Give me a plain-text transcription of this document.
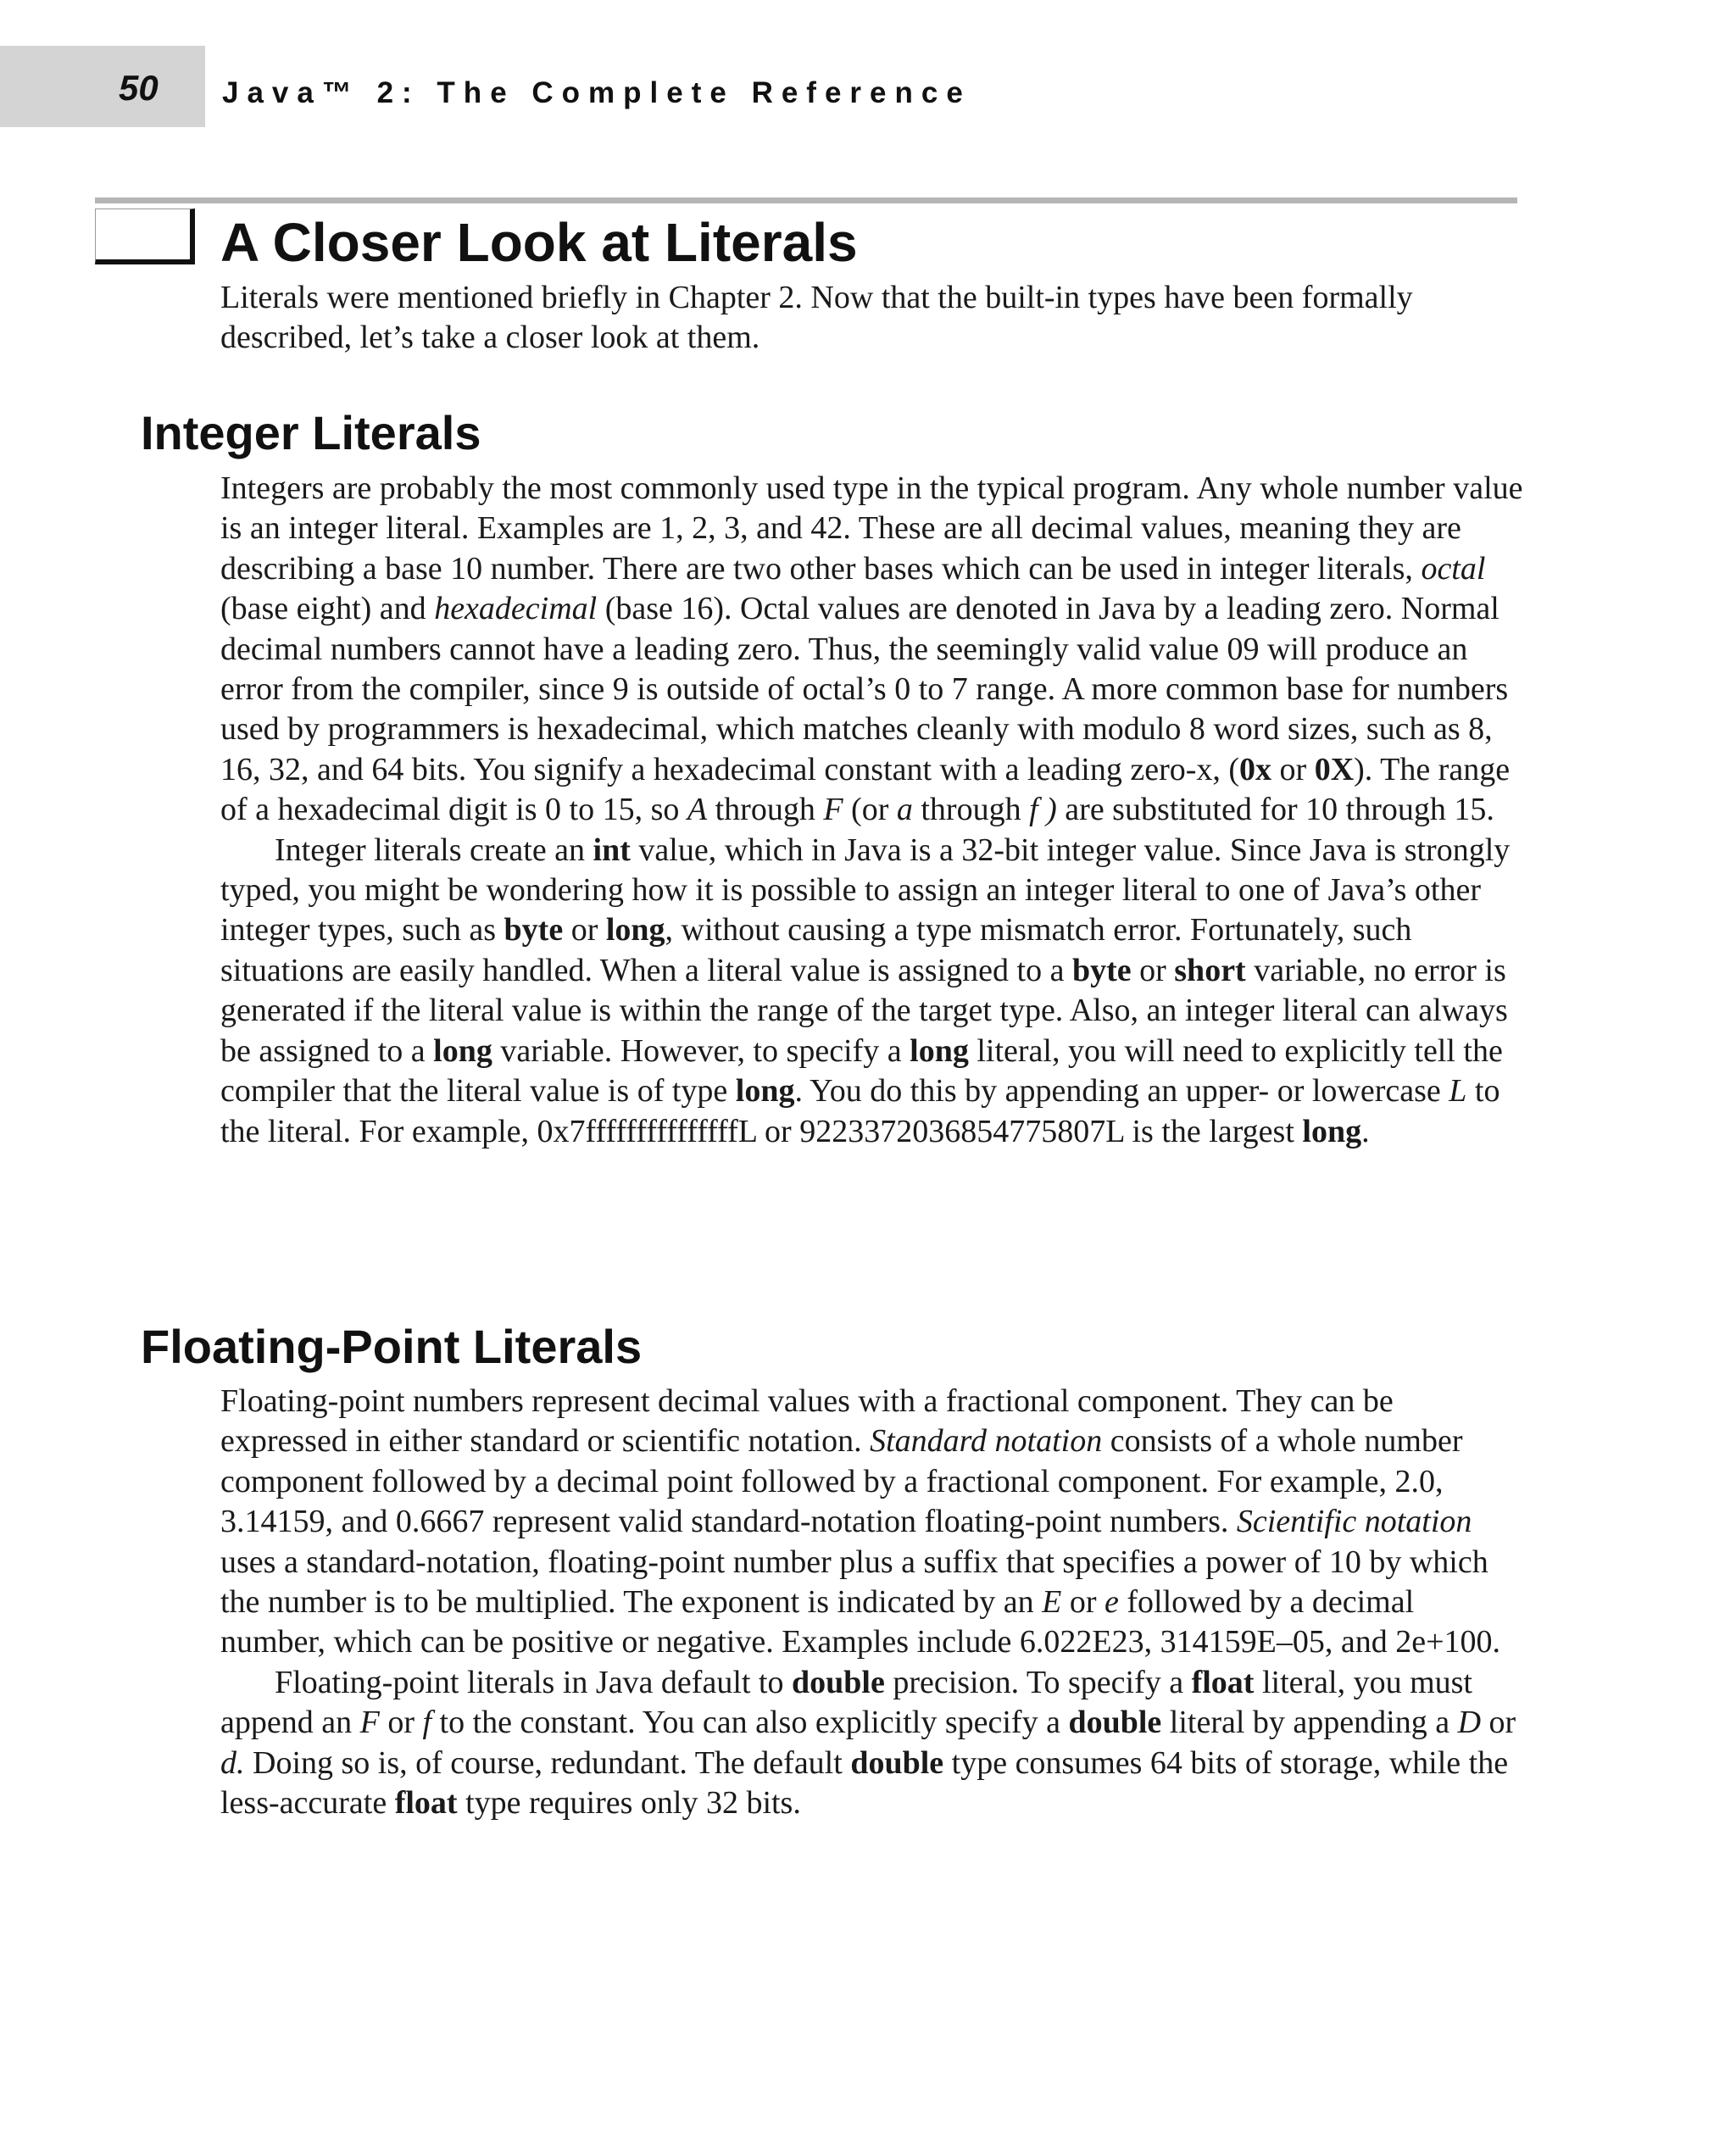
50 Java™ 2: The Complete Reference
A Closer Look at Literals

Literals were mentioned briefly in Chapter 2. Now that the built-in types have been formally described, let’s take a closer look at them.

Integer Literals

Integers are probably the most commonly used type in the typical program. Any whole number value is an integer literal. Examples are 1, 2, 3, and 42. These are all decimal values, meaning they are describing a base 10 number. There are two other bases which can be used in integer literals, octal (base eight) and hexadecimal (base 16). Octal values are denoted in Java by a leading zero. Normal decimal numbers cannot have a leading zero. Thus, the seemingly valid value 09 will produce an error from the compiler, since 9 is outside of octal’s 0 to 7 range. A more common base for numbers used by programmers is hexadecimal, which matches cleanly with modulo 8 word sizes, such as 8, 16, 32, and 64 bits. You signify a hexadecimal constant with a leading zero-x, (0x or 0X). The range of a hexadecimal digit is 0 to 15, so A through F (or a through f ) are substituted for 10 through 15.

Integer literals create an int value, which in Java is a 32-bit integer value. Since Java is strongly typed, you might be wondering how it is possible to assign an integer literal to one of Java’s other integer types, such as byte or long, without causing a type mismatch error. Fortunately, such situations are easily handled. When a literal value is assigned to a byte or short variable, no error is generated if the literal value is within the range of the target type. Also, an integer literal can always be assigned to a long variable. However, to specify a long literal, you will need to explicitly tell the compiler that the literal value is of type long. You do this by appending an upper- or lowercase L to the literal. For example, 0x7fffffffffffffffL or 9223372036854775807L is the largest long.

Floating-Point Literals

Floating-point numbers represent decimal values with a fractional component. They can be expressed in either standard or scientific notation. Standard notation consists of a whole number component followed by a decimal point followed by a fractional component. For example, 2.0, 3.14159, and 0.6667 represent valid standard-notation floating-point numbers. Scientific notation uses a standard-notation, floating-point number plus a suffix that specifies a power of 10 by which the number is to be multiplied. The exponent is indicated by an E or e followed by a decimal number, which can be positive or negative. Examples include 6.022E23, 314159E–05, and 2e+100.

Floating-point literals in Java default to double precision. To specify a float literal, you must append an F or f to the constant. You can also explicitly specify a double literal by appending a D or d. Doing so is, of course, redundant. The default double type consumes 64 bits of storage, while the less-accurate float type requires only 32 bits.
